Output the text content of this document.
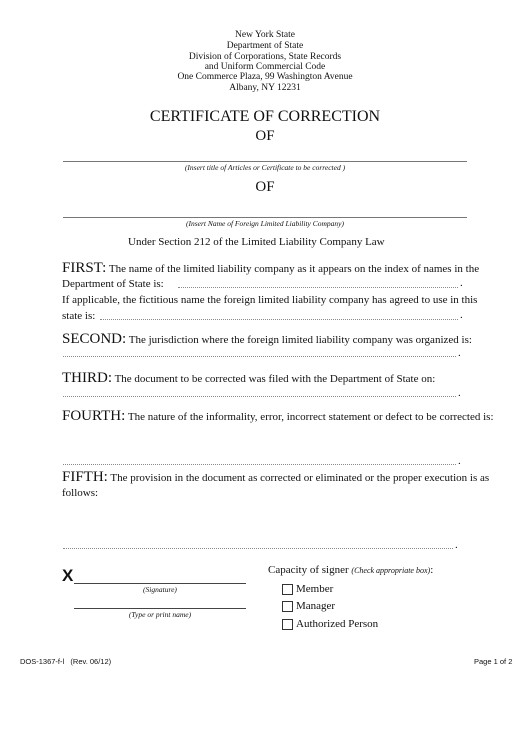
New York State
Department of State
Division of Corporations, State Records
and Uniform Commercial Code
One Commerce Plaza, 99 Washington Avenue
Albany, NY 12231
CERTIFICATE OF CORRECTION
OF
(Insert title of Articles or Certificate to be corrected )
OF
(Insert Name of Foreign Limited Liability Company)
Under Section 212 of the Limited Liability Company Law
FIRST: The name of the limited liability company as it appears on the index of names in the
Department of State is:	.
If applicable, the fictitious name the foreign limited liability company has agreed to use in this
state is:	.
SECOND: The jurisdiction where the foreign limited liability company was organized is:
.
THIRD: The document to be corrected was filed with the Department of State on:
.
FOURTH: The nature of the informality, error, incorrect statement or defect to be corrected is:
.
FIFTH: The provision in the document as corrected or eliminated or the proper execution is as
follows:
.
X
(Signature)
(Type or print name)
Capacity of signer (Check appropriate box):
Member
Manager
Authorized Person
DOS-1367-f-l   (Rev. 06/12)	Page 1 of 2
